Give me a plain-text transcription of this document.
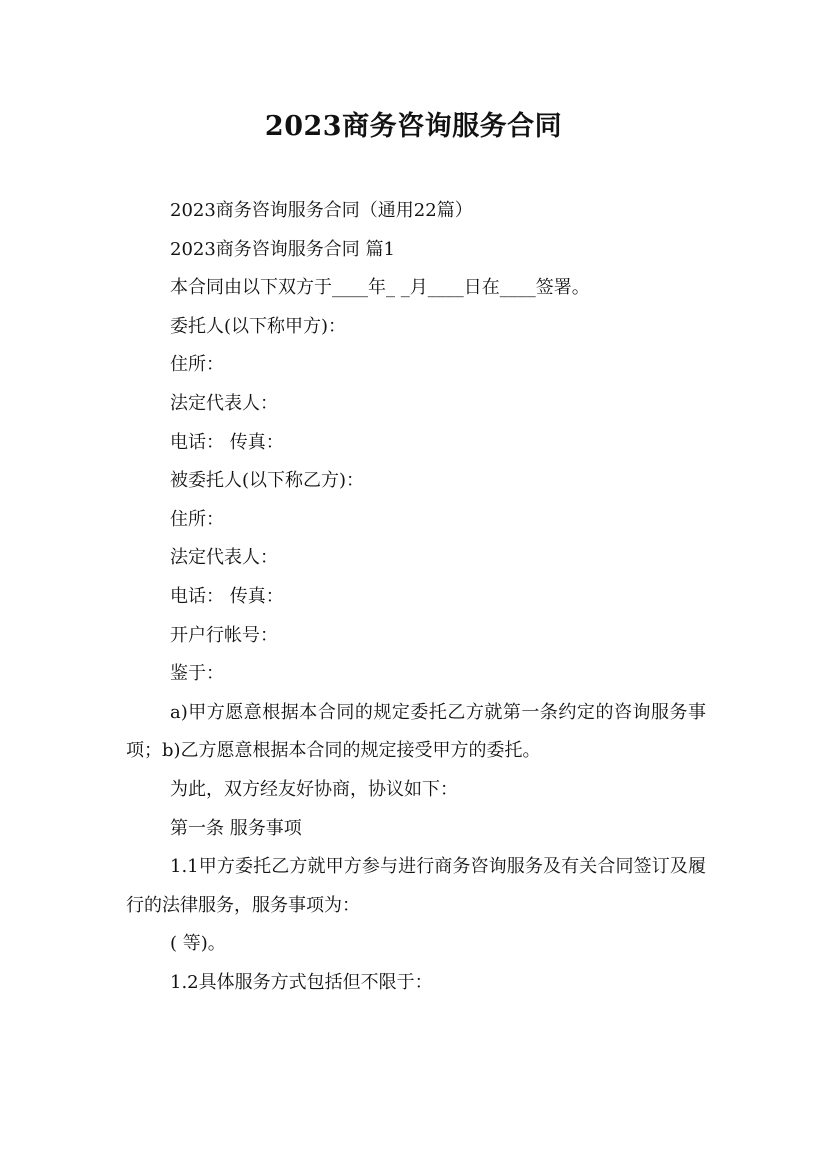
2023商务咨询服务合同

2023商务咨询服务合同（通用22篇）

2023商务咨询服务合同 篇1

本合同由以下双方于____年_ _月____日在____签署。

委托人(以下称甲方)：

住所：

法定代表人：

电话： 传真：

被委托人(以下称乙方)：

住所：

法定代表人：

电话： 传真：

开户行帐号：

鉴于：

a)甲方愿意根据本合同的规定委托乙方就第一条约定的咨询服务事项；b)乙方愿意根据本合同的规定接受甲方的委托。

为此，双方经友好协商，协议如下：

第一条 服务事项

1.1甲方委托乙方就甲方参与进行商务咨询服务及有关合同签订及履行的法律服务，服务事项为：

( 等)。

1.2具体服务方式包括但不限于：
